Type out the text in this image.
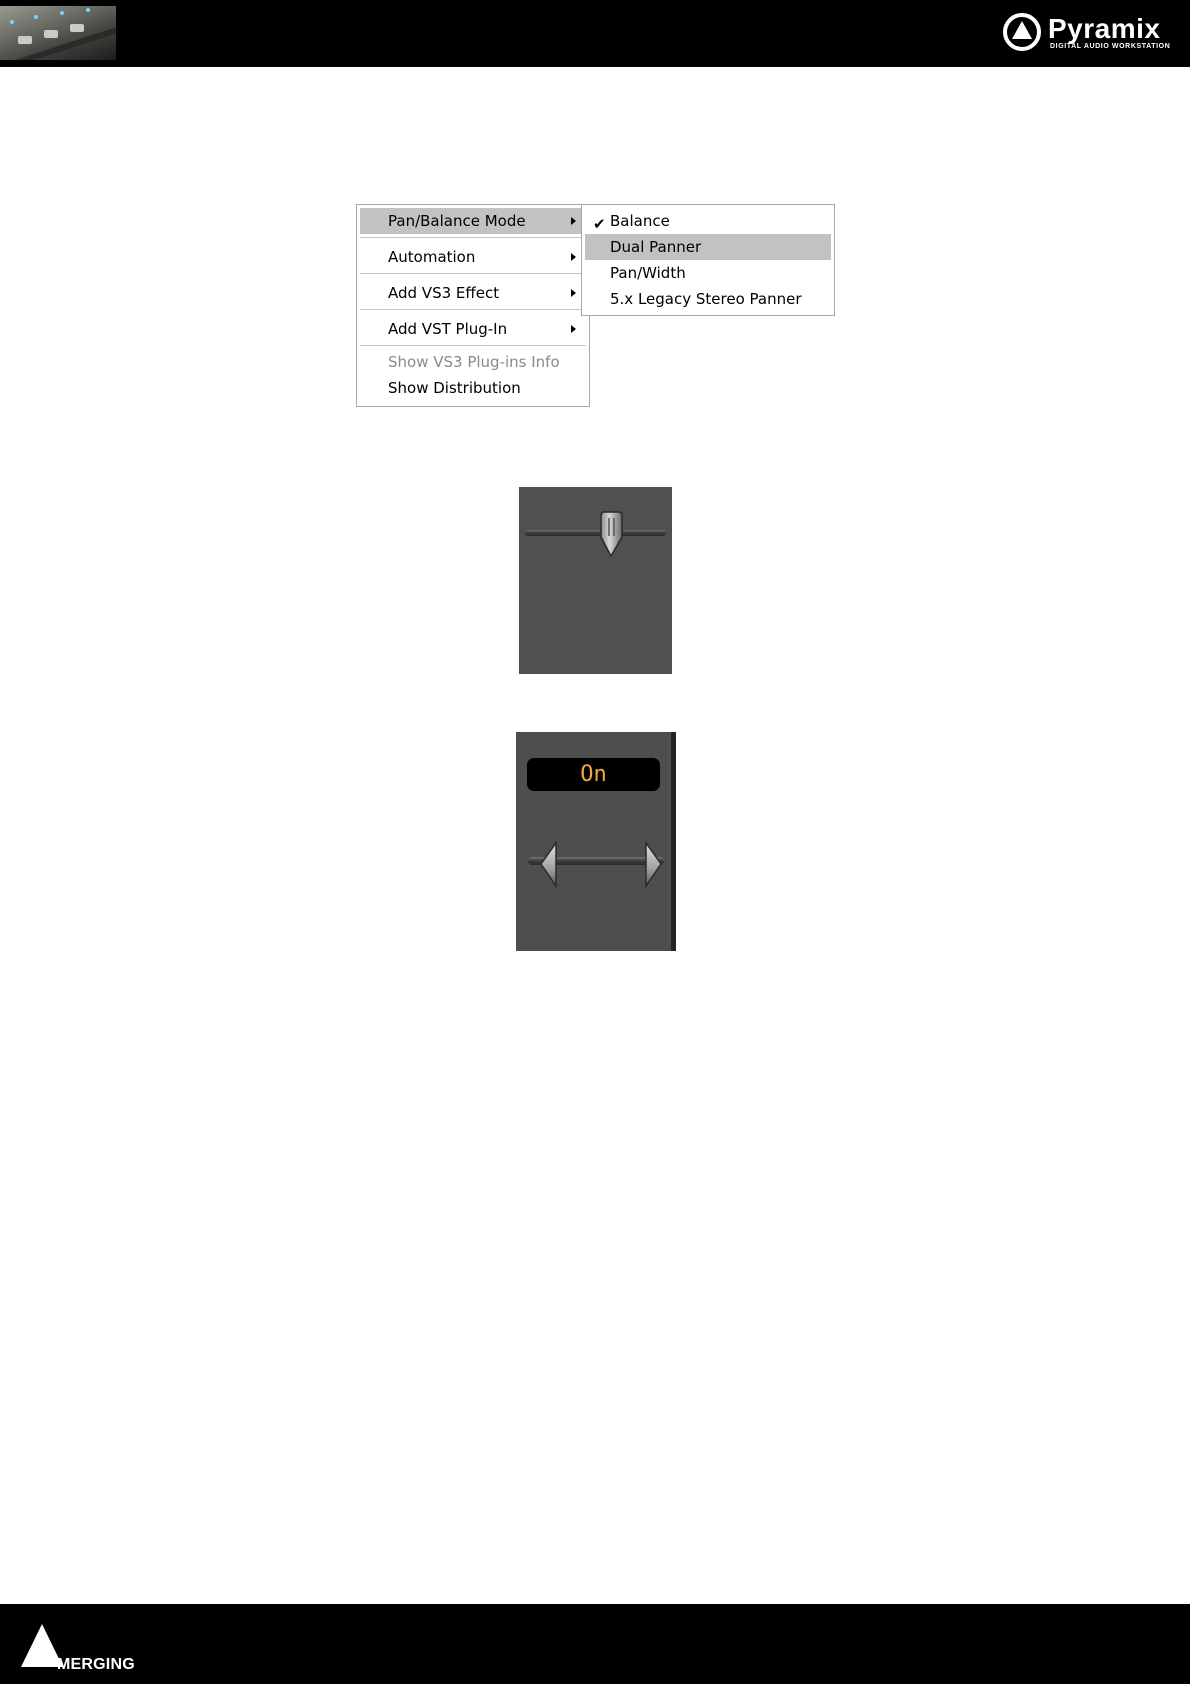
Pyramix
DIGITAL AUDIO WORKSTATION
Pan/Balance Mode
Automation
Add VS3 Effect
Add VST Plug-In
Show VS3 Plug-ins Info
Show Distribution
✔ Balance
Dual Panner
Pan/Width
5.x Legacy Stereo Panner
On
MERGING
